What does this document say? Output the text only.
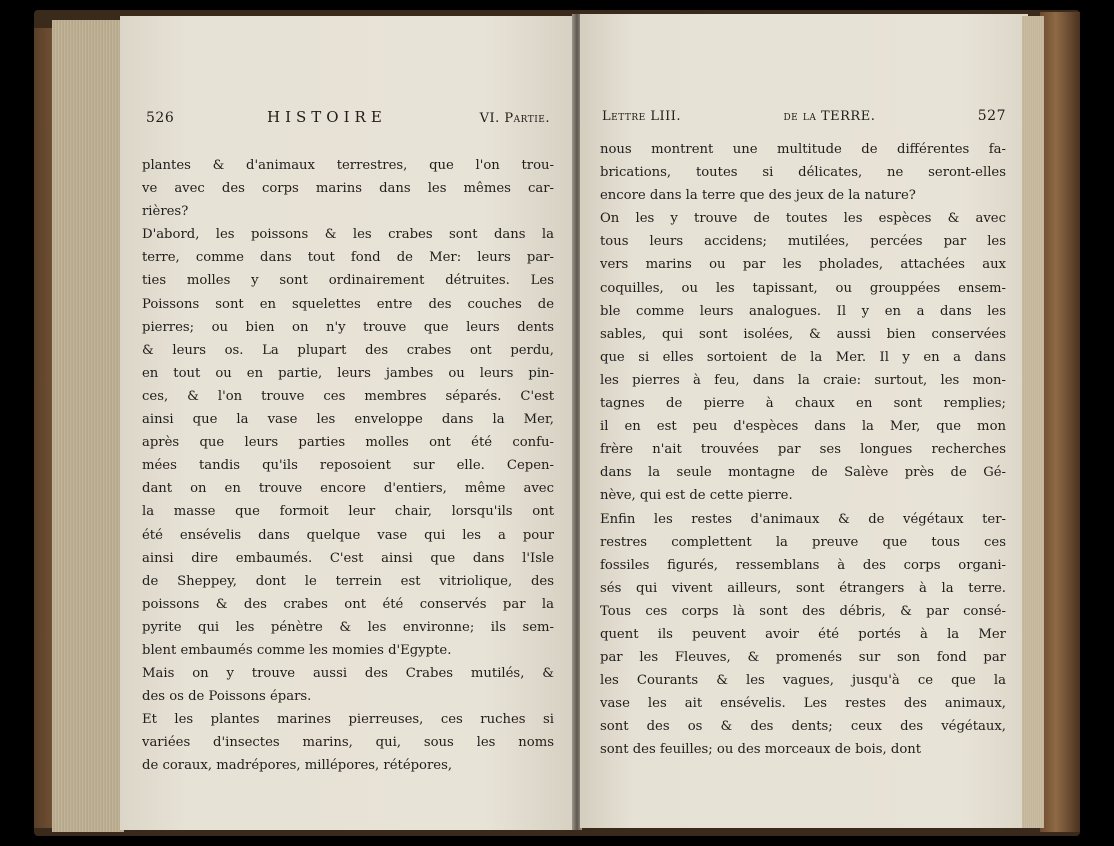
526	HISTOIRE	VI. Partie.
plantes & d'animaux terrestres, que l'on trou-
ve avec des corps marins dans les mêmes car-
rières?
D'abord, les poissons & les crabes sont dans la
terre, comme dans tout fond de Mer: leurs par-
ties molles y sont ordinairement détruites. Les
Poissons sont en squelettes entre des couches de
pierres; ou bien on n'y trouve que leurs dents
& leurs os. La plupart des crabes ont perdu,
en tout ou en partie, leurs jambes ou leurs pin-
ces, & l'on trouve ces membres séparés. C'est
ainsi que la vase les enveloppe dans la Mer,
après que leurs parties molles ont été confu-
mées tandis qu'ils reposoient sur elle. Cepen-
dant on en trouve encore d'entiers, même avec
la masse que formoit leur chair, lorsqu'ils ont
été ensévelis dans quelque vase qui les a pour
ainsi dire embaumés. C'est ainsi que dans l'Isle
de Sheppey, dont le terrein est vitriolique, des
poissons & des crabes ont été conservés par la
pyrite qui les pénètre & les environne; ils sem-
blent embaumés comme les momies d'Egypte.
Mais on y trouve aussi des Crabes mutilés, &
des os de Poissons épars.
Et les plantes marines pierreuses, ces ruches si
variées d'insectes marins, qui, sous les noms
de coraux, madrépores, millépores, rétépores,
Lettre LIII.	de la TERRE.	527
nous montrent une multitude de différentes fa-
brications, toutes si délicates, ne seront-elles
encore dans la terre que des jeux de la nature?
On les y trouve de toutes les espèces & avec
tous leurs accidens; mutilées, percées par les
vers marins ou par les pholades, attachées aux
coquilles, ou les tapissant, ou grouppées ensem-
ble comme leurs analogues. Il y en a dans les
sables, qui sont isolées, & aussi bien conservées
que si elles sortoient de la Mer. Il y en a dans
les pierres à feu, dans la craie: surtout, les mon-
tagnes de pierre à chaux en sont remplies;
il en est peu d'espèces dans la Mer, que mon
frère n'ait trouvées par ses longues recherches
dans la seule montagne de Salève près de Gé-
nève, qui est de cette pierre.
Enfin les restes d'animaux & de végétaux ter-
restres complettent la preuve que tous ces
fossiles figurés, ressemblans à des corps organi-
sés qui vivent ailleurs, sont étrangers à la terre.
Tous ces corps là sont des débris, & par consé-
quent ils peuvent avoir été portés à la Mer
par les Fleuves, & promenés sur son fond par
les Courants & les vagues, jusqu'à ce que la
vase les ait ensévelis. Les restes des animaux,
sont des os & des dents; ceux des végétaux,
sont des feuilles; ou des morceaux de bois, dont
